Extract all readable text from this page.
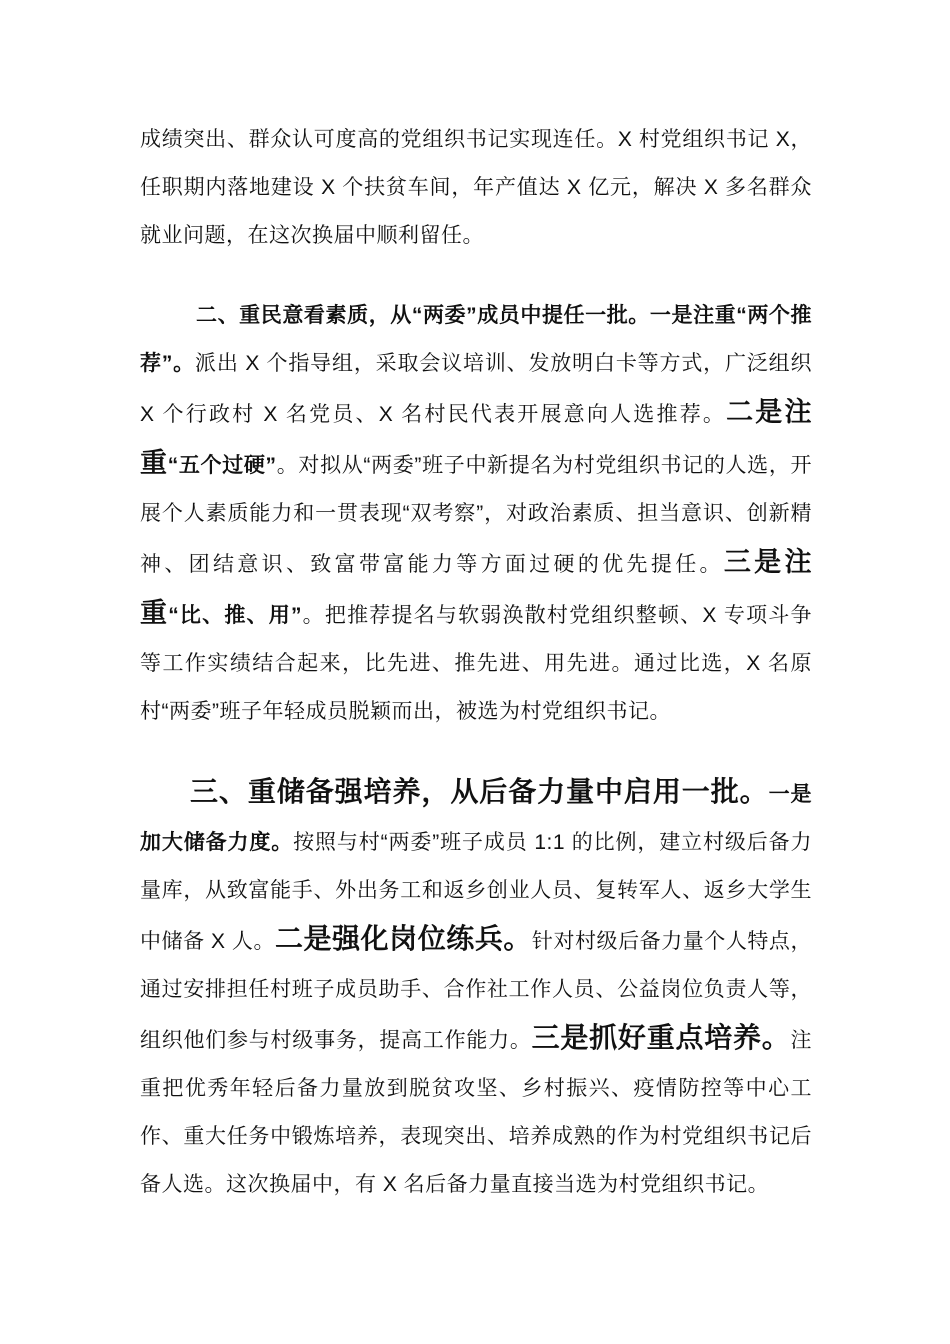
成绩突出、群众认可度高的党组织书记实现连任。X 村党组织书记 X，任职期内落地建设 X 个扶贫车间，年产值达 X 亿元，解决 X 多名群众就业问题，在这次换届中顺利留任。

二、重民意看素质，从“两委”成员中提任一批。一是注重“两个推荐”。派出 X 个指导组，采取会议培训、发放明白卡等方式，广泛组织 X 个行政村 X 名党员、X 名村民代表开展意向人选推荐。二是注重“五个过硬”。对拟从“两委”班子中新提名为村党组织书记的人选，开展个人素质能力和一贯表现“双考察”，对政治素质、担当意识、创新精神、团结意识、致富带富能力等方面过硬的优先提任。三是注重“比、推、用”。把推荐提名与软弱涣散村党组织整顿、X 专项斗争等工作实绩结合起来，比先进、推先进、用先进。通过比选，X 名原村“两委”班子年轻成员脱颖而出，被选为村党组织书记。

三、重储备强培养，从后备力量中启用一批。一是加大储备力度。按照与村“两委”班子成员 1:1 的比例，建立村级后备力量库，从致富能手、外出务工和返乡创业人员、复转军人、返乡大学生中储备 X 人。二是强化岗位练兵。针对村级后备力量个人特点，通过安排担任村班子成员助手、合作社工作人员、公益岗位负责人等，组织他们参与村级事务，提高工作能力。三是抓好重点培养。注重把优秀年轻后备力量放到脱贫攻坚、乡村振兴、疫情防控等中心工作、重大任务中锻炼培养，表现突出、培养成熟的作为村党组织书记后备人选。这次换届中，有 X 名后备力量直接当选为村党组织书记。
